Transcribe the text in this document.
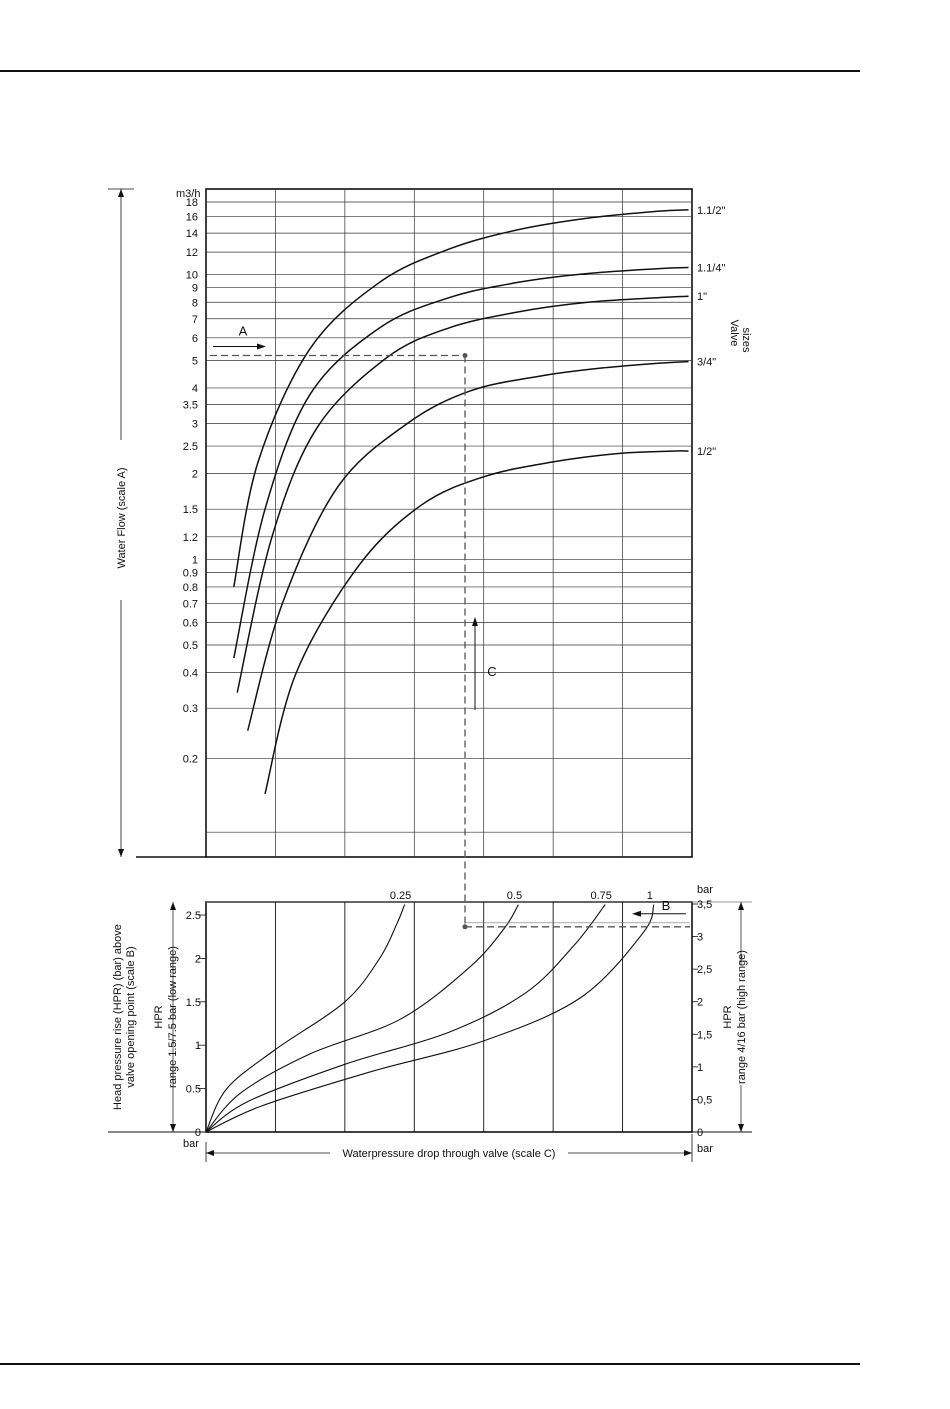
18
16
14
12
10
9
8
7
6
5
4
3.5
3
2.5
2
1.5
1.2
1
0.9
0.8
0.7
0.6
0.5
0.4
0.3
0.2
m3/h
Water Flow (scale A)
1.1/2"
1.1/4"
1"
3/4"
1/2"
Valve sizes
2.5
2
1.5
1
0.5
0
3,5
3
2,5
2
1,5
1
0,5
0
bar
bar	bar
Head pressure rise (HPR) (bar) above valve opening point (scale B) HPR range 1.5/7.5 bar (low range)	HPR range 4/16 bar (high range)
Waterpressure drop through valve (scale C)
0.25	0.5	0.75	1
A
C
B
